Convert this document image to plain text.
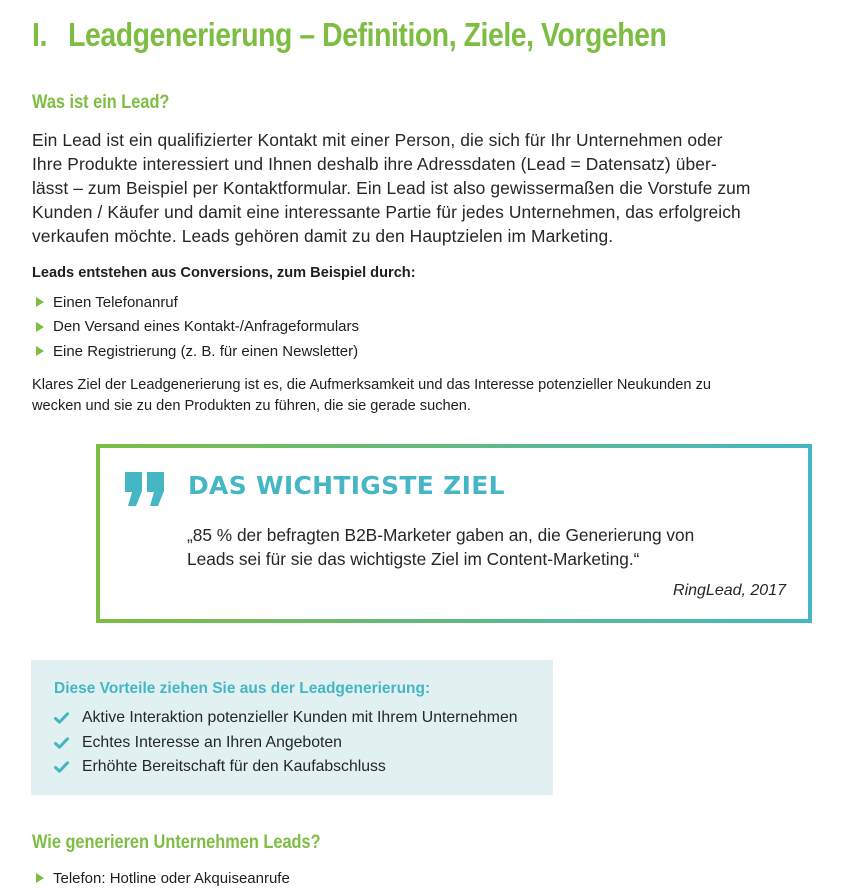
I. Leadgenerierung – Definition, Ziele, Vorgehen
Was ist ein Lead?

Ein Lead ist ein qualifizierter Kontakt mit einer Person, die sich für Ihr Unternehmen oder
Ihre Produkte interessiert und Ihnen deshalb ihre Adressdaten (Lead = Datensatz) über-
lässt – zum Beispiel per Kontaktformular. Ein Lead ist also gewissermaßen die Vorstufe zum
Kunden / Käufer und damit eine interessante Partie für jedes Unternehmen, das erfolgreich
verkaufen möchte. Leads gehören damit zu den Hauptzielen im Marketing.

Leads entstehen aus Conversions, zum Beispiel durch:

Einen Telefonanruf
Den Versand eines Kontakt-/Anfrageformulars
Eine Registrierung (z. B. für einen Newsletter)

Klares Ziel der Leadgenerierung ist es, die Aufmerksamkeit und das Interesse potenzieller Neukunden zu
wecken und sie zu den Produkten zu führen, die sie gerade suchen.

DAS WICHTIGSTE ZIEL

„85 % der befragten B2B-Marketer gaben an, die Generierung von
Leads sei für sie das wichtigste Ziel im Content-Marketing.“

RingLead, 2017

Diese Vorteile ziehen Sie aus der Leadgenerierung:

Aktive Interaktion potenzieller Kunden mit Ihrem Unternehmen
Echtes Interesse an Ihren Angeboten
Erhöhte Bereitschaft für den Kaufabschluss
Wie generieren Unternehmen Leads?
Telefon: Hotline oder Akquiseanrufe
